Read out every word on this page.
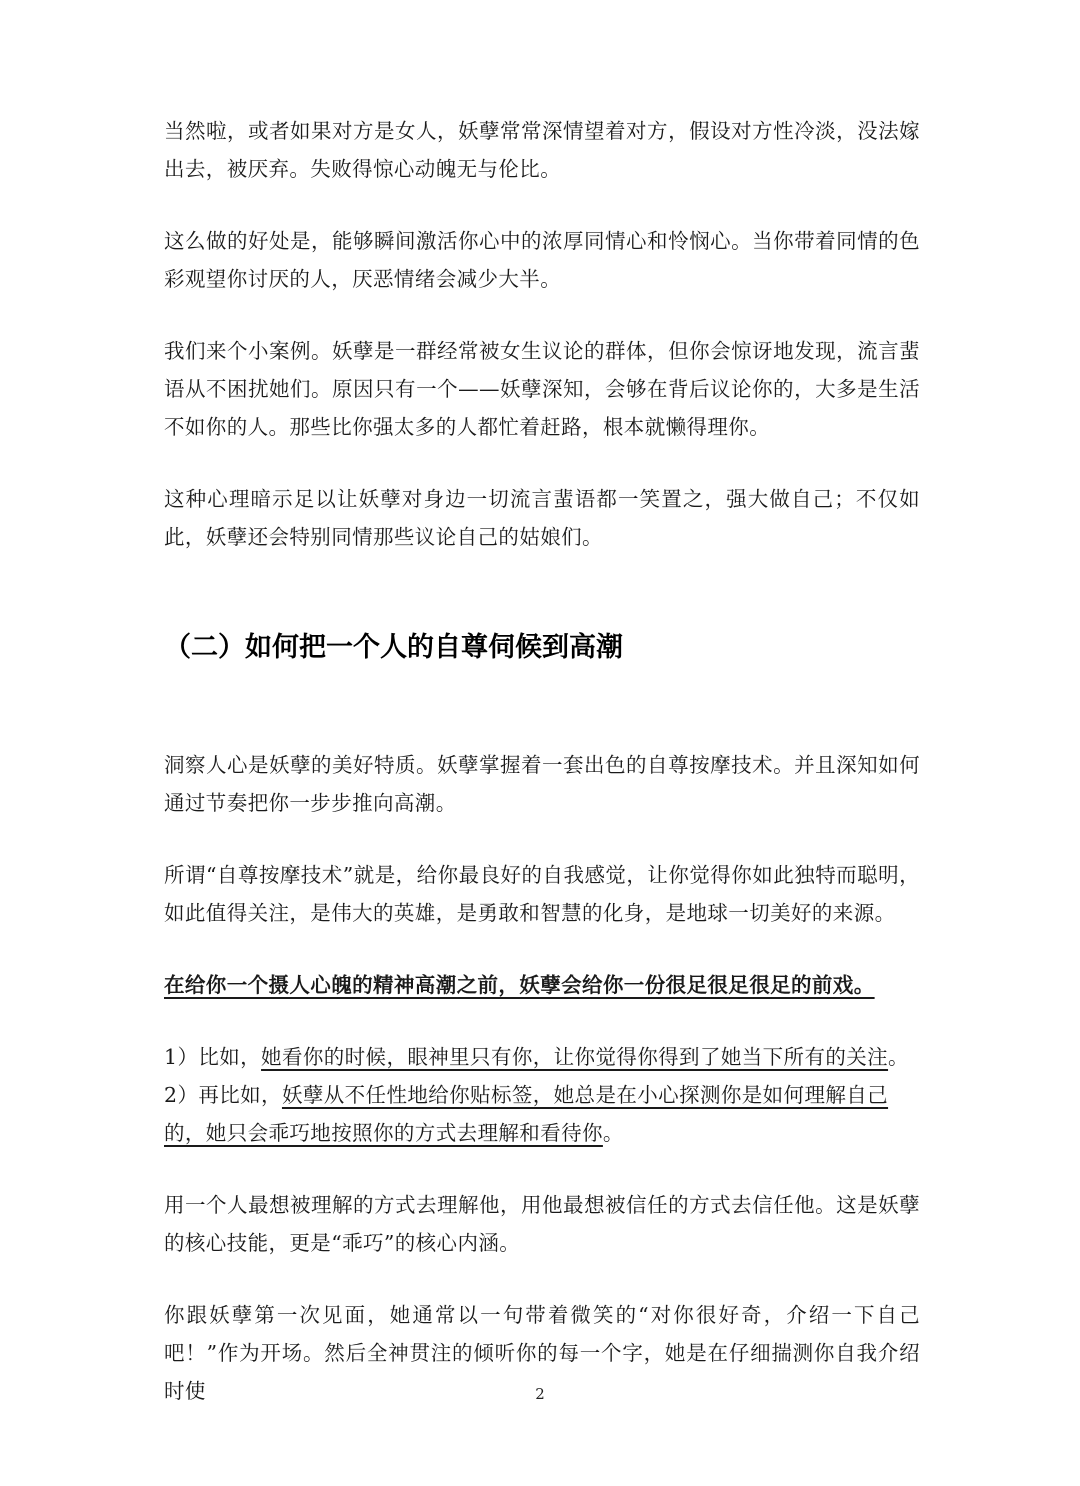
当然啦，或者如果对方是女人，妖孽常常深情望着对方，假设对方性冷淡，没法嫁出去，被厌弃。失败得惊心动魄无与伦比。

这么做的好处是，能够瞬间激活你心中的浓厚同情心和怜悯心。当你带着同情的色彩观望你讨厌的人，厌恶情绪会减少大半。

我们来个小案例。妖孽是一群经常被女生议论的群体，但你会惊讶地发现，流言蜚语从不困扰她们。原因只有一个——妖孽深知，会够在背后议论你的，大多是生活不如你的人。那些比你强太多的人都忙着赶路，根本就懒得理你。

这种心理暗示足以让妖孽对身边一切流言蜚语都一笑置之，强大做自己；不仅如此，妖孽还会特别同情那些议论自己的姑娘们。

（二）如何把一个人的自尊伺候到高潮

洞察人心是妖孽的美好特质。妖孽掌握着一套出色的自尊按摩技术。并且深知如何通过节奏把你一步步推向高潮。

所谓“自尊按摩技术”就是，给你最良好的自我感觉，让你觉得你如此独特而聪明，如此值得关注，是伟大的英雄，是勇敢和智慧的化身，是地球一切美好的来源。

在给你一个摄人心魄的精神高潮之前，妖孽会给你一份很足很足很足的前戏。

1）比如，她看你的时候，眼神里只有你，让你觉得你得到了她当下所有的关注。
2）再比如，妖孽从不任性地给你贴标签，她总是在小心探测你是如何理解自己的，她只会乖巧地按照你的方式去理解和看待你。

用一个人最想被理解的方式去理解他，用他最想被信任的方式去信任他。这是妖孽的核心技能，更是“乖巧”的核心内涵。

你跟妖孽第一次见面，她通常以一句带着微笑的“对你很好奇，介绍一下自己吧！”作为开场。然后全神贯注的倾听你的每一个字，她是在仔细揣测你自我介绍时使	2
